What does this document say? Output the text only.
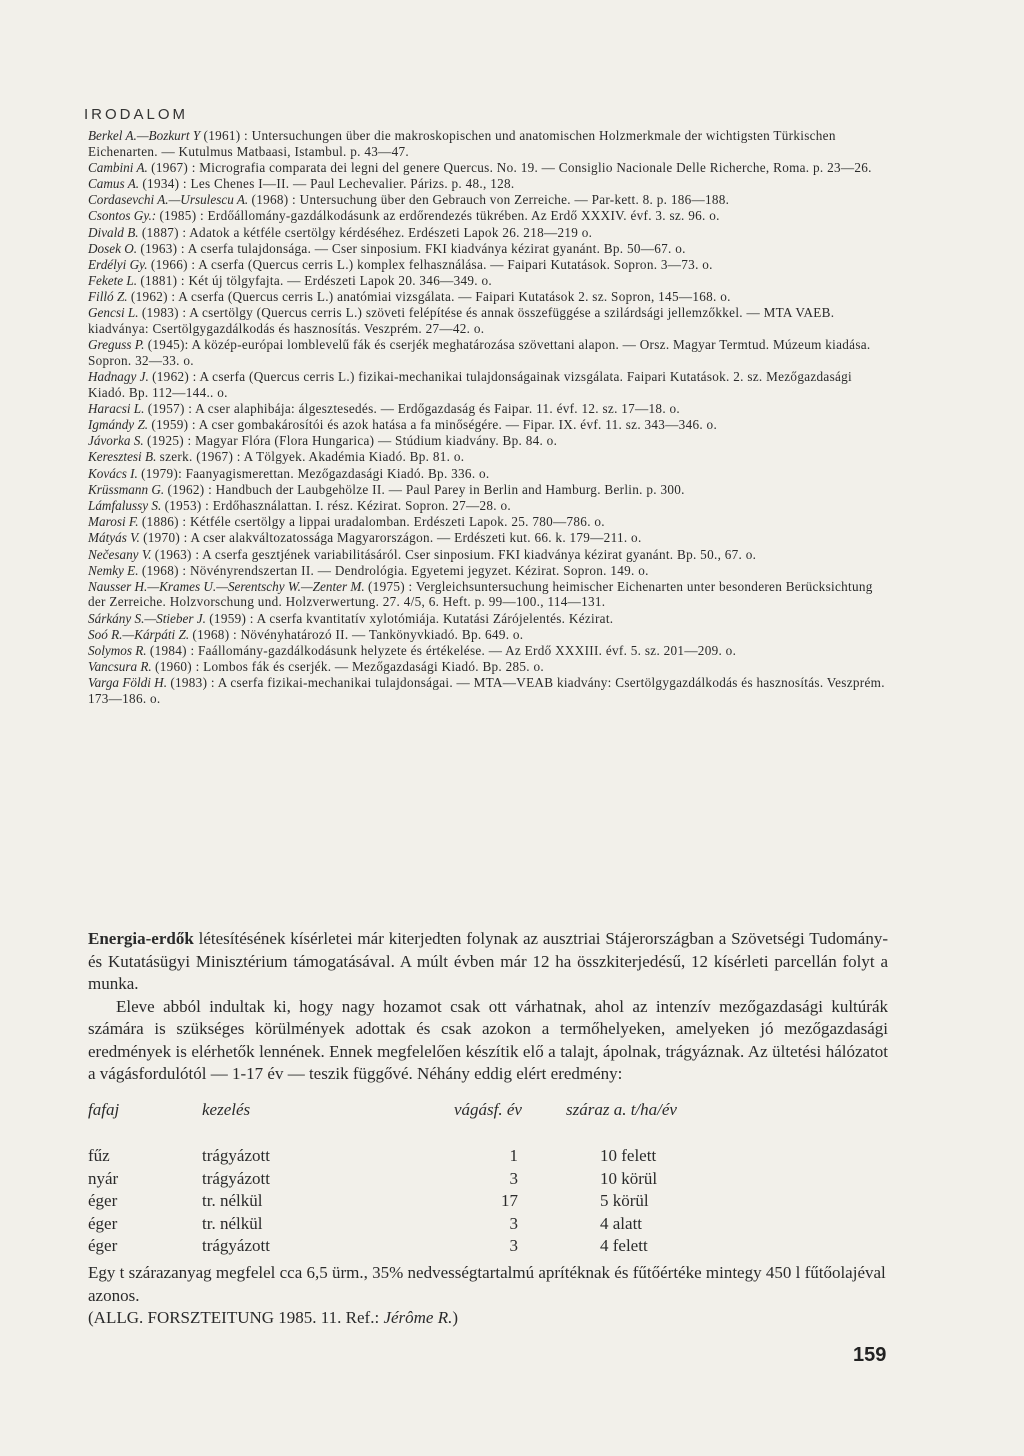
IRODALOM
Berkel A.—Bozkurt Y (1961) : Untersuchungen über die makroskopischen und anatomischen Holzmerkmale der wichtigsten Türkischen Eichenarten. — Kutulmus Matbaasi, Istambul. p. 43—47.
Cambini A. (1967) : Micrografia comparata dei legni del genere Quercus. No. 19. — Consiglio Nacionale Delle Richerche, Roma. p. 23—26.
Camus A. (1934) : Les Chenes I—II. — Paul Lechevalier. Párizs. p. 48., 128.
Cordasevchi A.—Ursulescu A. (1968) : Untersuchung über den Gebrauch von Zerreiche. — Par-kett. 8. p. 186—188.
Csontos Gy.: (1985) : Erdőállomány-gazdálkodásunk az erdőrendezés tükrében. Az Erdő XXXIV. évf. 3. sz. 96. o.
Divald B. (1887) : Adatok a kétféle csertölgy kérdéséhez. Erdészeti Lapok 26. 218—219 o.
Dosek O. (1963) : A cserfa tulajdonsága. — Cser sinposium. FKI kiadványa kézirat gyanánt. Bp. 50—67. o.
Erdélyi Gy. (1966) : A cserfa (Quercus cerris L.) komplex felhasználása. — Faipari Kutatások. Sopron. 3—73. o.
Fekete L. (1881) : Két új tölgyfajta. — Erdészeti Lapok 20. 346—349. o.
Filló Z. (1962) : A cserfa (Quercus cerris L.) anatómiai vizsgálata. — Faipari Kutatások 2. sz. Sopron, 145—168. o.
Gencsi L. (1983) : A csertölgy (Quercus cerris L.) szöveti felépítése és annak összefüggése a szilárdsági jellemzőkkel. — MTA VAEB. kiadványa: Csertölgygazdálkodás és hasznosítás. Veszprém. 27—42. o.
Greguss P. (1945): A közép-európai lomblevelű fák és cserjék meghatározása szövettani alapon. — Orsz. Magyar Termtud. Múzeum kiadása. Sopron. 32—33. o.
Hadnagy J. (1962) : A cserfa (Quercus cerris L.) fizikai-mechanikai tulajdonságainak vizsgálata. Faipari Kutatások. 2. sz. Mezőgazdasági Kiadó. Bp. 112—144.. o.
Haracsi L. (1957) : A cser alaphibája: álgesztesedés. — Erdőgazdaság és Faipar. 11. évf. 12. sz. 17—18. o.
Igmándy Z. (1959) : A cser gombakárosítói és azok hatása a fa minőségére. — Fipar. IX. évf. 11. sz. 343—346. o.
Jávorka S. (1925) : Magyar Flóra (Flora Hungarica) — Stúdium kiadvány. Bp. 84. o.
Keresztesi B. szerk. (1967) : A Tölgyek. Akadémia Kiadó. Bp. 81. o.
Kovács I. (1979): Faanyagismerettan. Mezőgazdasági Kiadó. Bp. 336. o.
Krüssmann G. (1962) : Handbuch der Laubgehölze II. — Paul Parey in Berlin and Hamburg. Berlin. p. 300.
Lámfalussy S. (1953) : Erdőhasználattan. I. rész. Kézirat. Sopron. 27—28. o.
Marosi F. (1886) : Kétféle csertölgy a lippai uradalomban. Erdészeti Lapok. 25. 780—786. o.
Mátyás V. (1970) : A cser alakváltozatossága Magyarországon. — Erdészeti kut. 66. k. 179—211. o.
Nečesany V. (1963) : A cserfa gesztjének variabilitásáról. Cser sinposium. FKI kiadványa kézirat gyanánt. Bp. 50., 67. o.
Nemky E. (1968) : Növényrendszertan II. — Dendrológia. Egyetemi jegyzet. Kézirat. Sopron. 149. o.
Nausser H.—Krames U.—Serentschy W.—Zenter M. (1975) : Vergleichsuntersuchung heimischer Eichenarten unter besonderen Berücksichtung der Zerreiche. Holzvorschung und. Holzverwertung. 27. 4/5, 6. Heft. p. 99—100., 114—131.
Sárkány S.—Stieber J. (1959) : A cserfa kvantitatív xylotómiája. Kutatási Zárójelentés. Kézirat.
Soó R.—Kárpáti Z. (1968) : Növényhatározó II. — Tankönyvkiadó. Bp. 649. o.
Solymos R. (1984) : Faállomány-gazdálkodásunk helyzete és értékelése. — Az Erdő XXXIII. évf. 5. sz. 201—209. o.
Vancsura R. (1960) : Lombos fák és cserjék. — Mezőgazdasági Kiadó. Bp. 285. o.
Varga Földi H. (1983) : A cserfa fizikai-mechanikai tulajdonságai. — MTA—VEAB kiadvány: Csertölgygazdálkodás és hasznosítás. Veszprém. 173—186. o.

Energia-erdők létesítésének kísérletei már kiterjedten folynak az ausztriai Stájerországban a Szövetségi Tudomány- és Kutatásügyi Minisztérium támogatásával. A múlt évben már 12 ha összkiterjedésű, 12 kísérleti parcellán folyt a munka.

Eleve abból indultak ki, hogy nagy hozamot csak ott várhatnak, ahol az intenzív mezőgazdasági kultúrák számára is szükséges körülmények adottak és csak azokon a termőhelyeken, amelyeken jó mezőgazdasági eredmények is elérhetők lennének. Ennek megfelelően készítik elő a talajt, ápolnak, trágyáznak. Az ültetési hálózatot a vágásfordulótól — 1-17 év — teszik függővé. Néhány eddig elért eredmény:

fafaj	kezelés	vágásf. év	száraz a. t/ha/év
fűz	trágyázott	1	10 felett
nyár	trágyázott	3	10 körül
éger	tr. nélkül	17	5 körül
éger	tr. nélkül	3	4 alatt
éger	trágyázott	3	4 felett

Egy t szárazanyag megfelel cca 6,5 ürm., 35% nedvességtartalmú aprítéknak és fűtőértéke mintegy 450 l fűtőolajéval azonos.

(ALLG. FORSZTEITUNG 1985. 11. Ref.: Jérôme R.)

159
